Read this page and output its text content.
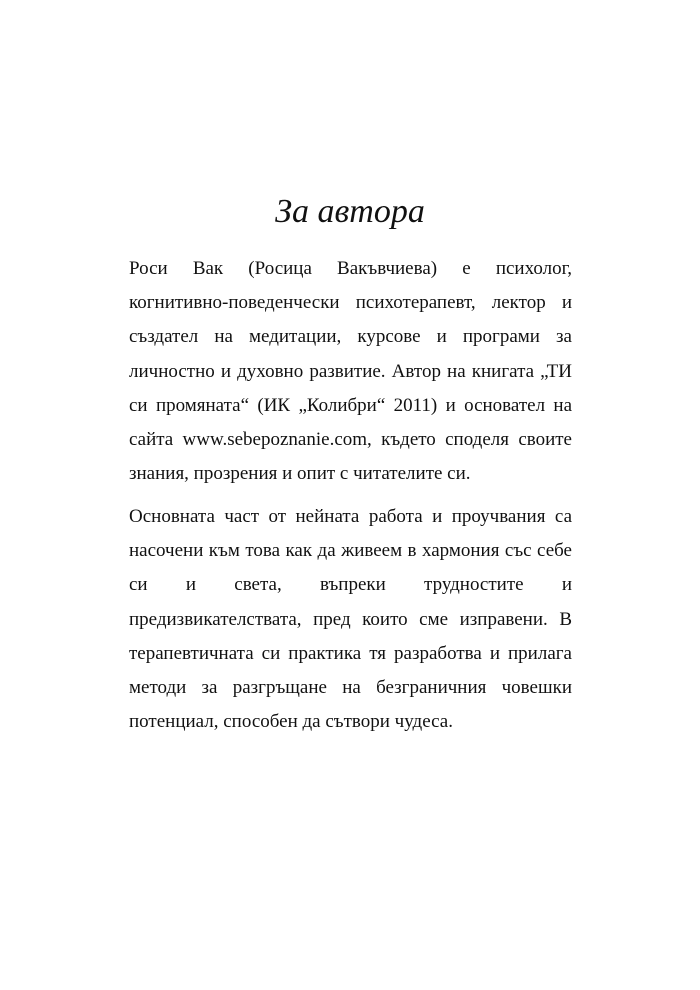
За автора

Роси Вак (Росица Вакъвчиева) е психолог, когнитивно-поведенчески психотерапевт, лектор и създател на медитации, курсове и програми за личностно и духовно развитие. Автор на книгата „ТИ си промяната“ (ИК „Колибри“ 2011) и основател на сайта www.sebepoznanie.com, където споделя своите знания, прозрения и опит с читателите си.

Основната част от нейната работа и проучвания са насочени към това как да живеем в хармония със себе си и света, въпреки трудностите и предизвикателствата, пред които сме изправени. В терапевтичната си практика тя разработва и прилага методи за разгръщане на безграничния човешки потенциал, способен да сътвори чудеса.
